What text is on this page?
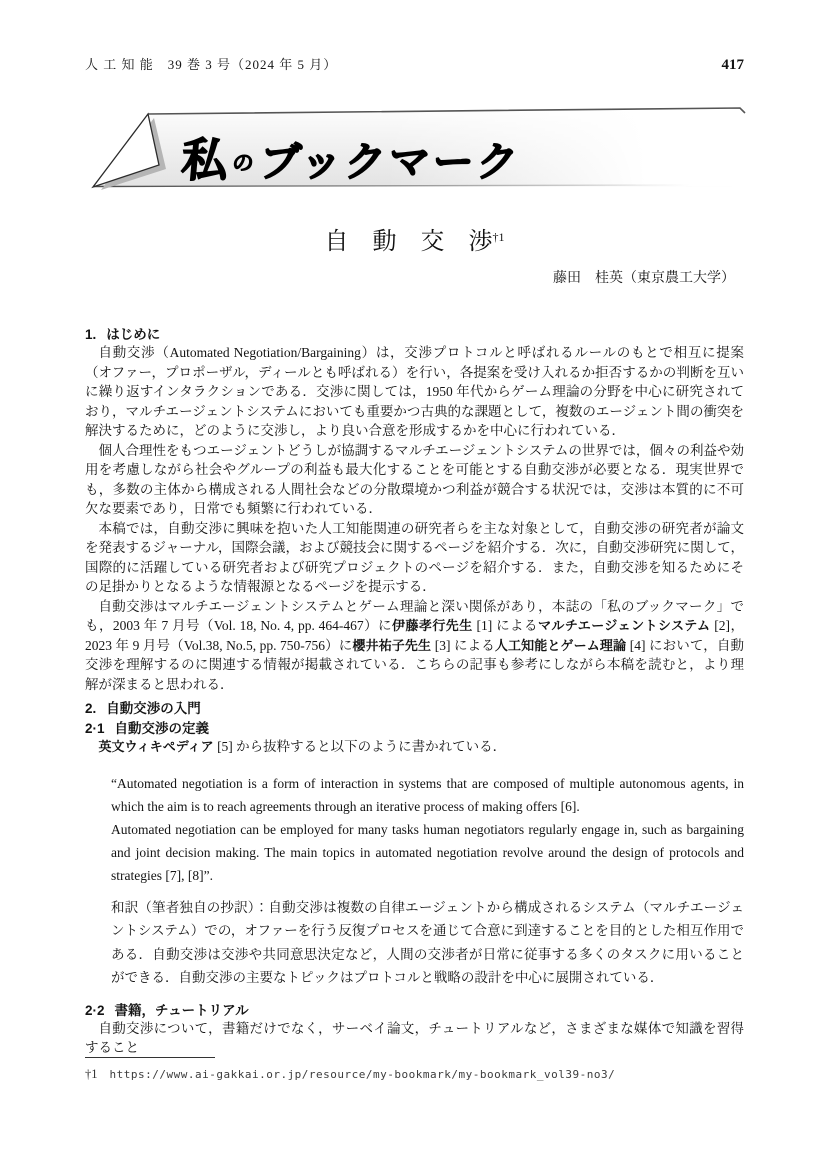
人 工 知 能　39 巻 3 号（2024 年 5 月）	417
私のブックマーク
自　動　交　渉$^{\dagger 1}$
藤田　桂英（東京農工大学）
1. はじめに

自動交渉（Automated Negotiation/Bargaining）は，交渉プロトコルと呼ばれるルールのもとで相互に提案（オファー，プロポーザル，ディールとも呼ばれる）を行い，各提案を受け入れるか拒否するかの判断を互いに繰り返すインタラクションである．交渉に関しては，1950 年代からゲーム理論の分野を中心に研究されており，マルチエージェントシステムにおいても重要かつ古典的な課題として，複数のエージェント間の衝突を解決するために，どのように交渉し，より良い合意を形成するかを中心に行われている．

個人合理性をもつエージェントどうしが協調するマルチエージェントシステムの世界では，個々の利益や効用を考慮しながら社会やグループの利益も最大化することを可能とする自動交渉が必要となる．現実世界でも，多数の主体から構成される人間社会などの分散環境かつ利益が競合する状況では，交渉は本質的に不可欠な要素であり，日常でも頻繁に行われている．

本稿では，自動交渉に興味を抱いた人工知能関連の研究者らを主な対象として，自動交渉の研究者が論文を発表するジャーナル，国際会議，および競技会に関するページを紹介する．次に，自動交渉研究に関して，国際的に活躍している研究者および研究プロジェクトのページを紹介する．また，自動交渉を知るためにその足掛かりとなるような情報源となるページを提示する．

自動交渉はマルチエージェントシステムとゲーム理論と深い関係があり，本誌の「私のブックマーク」でも，2003 年 7 月号（Vol. 18, No. 4, pp. 464-467）に伊藤孝行先生 [1] によるマルチエージェントシステム [2]，2023 年 9 月号（Vol.38, No.5, pp. 750-756）に櫻井祐子先生 [3] による人工知能とゲーム理論 [4] において，自動交渉を理解するのに関連する情報が掲載されている．こちらの記事も参考にしながら本稿を読むと，より理解が深まると思われる．

2. 自動交渉の入門
2·1 自動交渉の定義

英文ウィキペディア [5] から抜粋すると以下のように書かれている．

“Automated negotiation is a form of interaction in systems that are composed of multiple autonomous agents, in which the aim is to reach agreements through an iterative process of making offers [6].

Automated negotiation can be employed for many tasks human negotiators regularly engage in, such as bargaining and joint decision making. The main topics in automated negotiation revolve around the design of protocols and strategies [7], [8]”.

和訳（筆者独自の抄訳）：自動交渉は複数の自律エージェントから構成されるシステム（マルチエージェントシステム）での，オファーを行う反復プロセスを通じて合意に到達することを目的とした相互作用である．自動交渉は交渉や共同意思決定など，人間の交渉者が日常に従事する多くのタスクに用いることができる．自動交渉の主要なトピックはプロトコルと戦略の設計を中心に展開されている．

2·2 書籍，チュートリアル

自動交渉について，書籍だけでなく，サーベイ論文，チュートリアルなど，さまざまな媒体で知識を習得すること

†1 https://www.ai-gakkai.or.jp/resource/my-bookmark/my-bookmark_vol39-no3/
